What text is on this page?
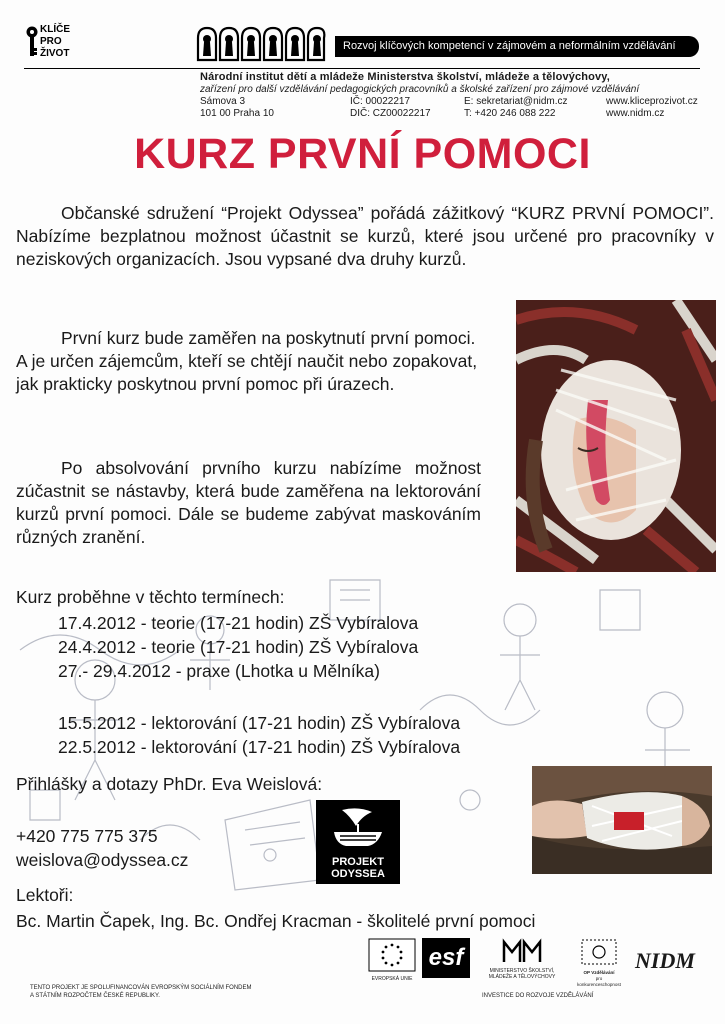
KLÍČE
PRO
ŽIVOT
Rozvoj klíčových kompetencí v zájmovém a neformálním vzdělávání
Národní institut dětí a mládeže Ministerstva školství, mládeže a tělovýchovy,
zařízení pro další vzdělávání pedagogických pracovníků a školské zařízení pro zájmové vzdělávání
Sámova 3
101 00 Praha 10
IČ: 00022217
DIČ: CZ00022217
E: sekretariat@nidm.cz
T: +420 246 088 222
www.kliceprozivot.cz
www.nidm.cz
KURZ PRVNÍ POMOCI
Občanské sdružení “Projekt Odyssea” pořádá zážitkový “KURZ PRVNÍ POMOCI”. Nabízíme bezplatnou možnost účastnit se kurzů, které jsou určené pro pracovníky v neziskových organizacích. Jsou vypsané dva druhy kurzů.
První kurz bude zaměřen na poskytnutí první pomoci. A je určen zájemcům, kteří se chtějí naučit nebo zopakovat, jak prakticky poskytnou první pomoc při úrazech.
Po absolvování prvního kurzu nabízíme možnost zúčastnit se nástavby, která bude zaměřena na lektorování kurzů první pomoci. Dále se budeme zabývat maskováním různých zranění.
Kurz proběhne v těchto termínech:
17.4.2012 - teorie (17-21 hodin) ZŠ Vybíralova
24.4.2012 - teorie (17-21 hodin) ZŠ Vybíralova
27.- 29.4.2012 - praxe (Lhotka u Mělníka)
15.5.2012 - lektorování (17-21 hodin) ZŠ Vybíralova
22.5.2012 - lektorování (17-21 hodin) ZŠ Vybíralova
Přihlášky a dotazy PhDr. Eva Weislová:
+420 775 775 375
weislova@odyssea.cz	PROJEKT
ODYSSEA
Lektoři:
Bc. Martin Čapek, Ing. Bc. Ondřej Kracman - školitelé první pomoci
EVROPSKÁ UNIE
esf	MINISTERSTVO ŠKOLSTVÍ,
MLÁDEŽE A TĚLOVÝCHOVY
OP Vzdělávání
pro konkurenceschopnost
NIDM
TENTO PROJEKT JE SPOLUFINANCOVÁN EVROPSKÝM SOCIÁLNÍM FONDEM
A STÁTNÍM ROZPOČTEM ČESKÉ REPUBLIKY.	INVESTICE DO ROZVOJE VZDĚLÁVÁNÍ
